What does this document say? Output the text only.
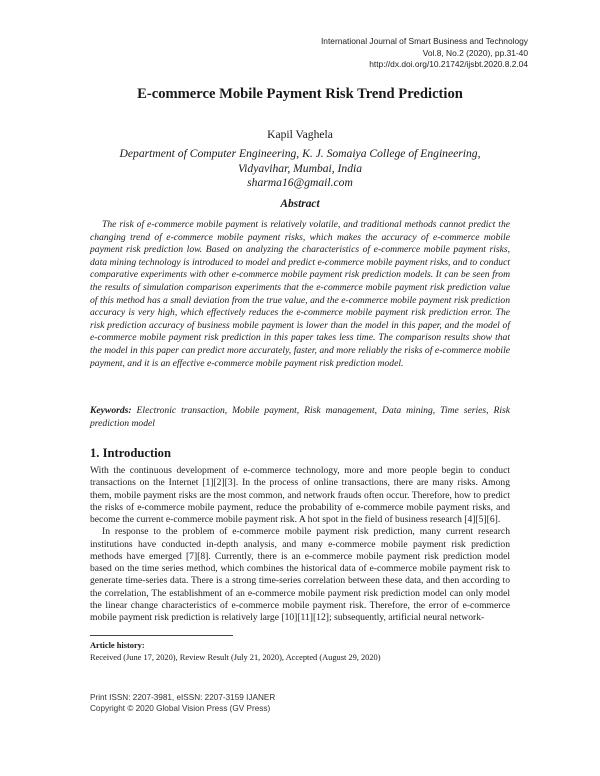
International Journal of Smart Business and Technology
Vol.8, No.2 (2020), pp.31-40
http://dx.doi.org/10.21742/ijsbt.2020.8.2.04
E-commerce Mobile Payment Risk Trend Prediction
Kapil Vaghela
Department of Computer Engineering, K. J. Somaiya College of Engineering,
Vidyavihar, Mumbai, India
sharma16@gmail.com
Abstract

The risk of e-commerce mobile payment is relatively volatile, and traditional methods cannot predict the changing trend of e-commerce mobile payment risks, which makes the accuracy of e-commerce mobile payment risk prediction low. Based on analyzing the characteristics of e-commerce mobile payment risks, data mining technology is introduced to model and predict e-commerce mobile payment risks, and to conduct comparative experiments with other e-commerce mobile payment risk prediction models. It can be seen from the results of simulation comparison experiments that the e-commerce mobile payment risk prediction value of this method has a small deviation from the true value, and the e-commerce mobile payment risk prediction accuracy is very high, which effectively reduces the e-commerce mobile payment risk prediction error. The risk prediction accuracy of business mobile payment is lower than the model in this paper, and the model of e-commerce mobile payment risk prediction in this paper takes less time. The comparison results show that the model in this paper can predict more accurately, faster, and more reliably the risks of e-commerce mobile payment, and it is an effective e-commerce mobile payment risk prediction model.

Keywords: Electronic transaction, Mobile payment, Risk management, Data mining, Time series, Risk prediction model

1. Introduction

With the continuous development of e-commerce technology, more and more people begin to conduct transactions on the Internet [1][2][3]. In the process of online transactions, there are many risks. Among them, mobile payment risks are the most common, and network frauds often occur. Therefore, how to predict the risks of e-commerce mobile payment, reduce the probability of e-commerce mobile payment risks, and become the current e-commerce mobile payment risk. A hot spot in the field of business research [4][5][6].

In response to the problem of e-commerce mobile payment risk prediction, many current research institutions have conducted in-depth analysis, and many e-commerce mobile payment risk prediction methods have emerged [7][8]. Currently, there is an e-commerce mobile payment risk prediction model based on the time series method, which combines the historical data of e-commerce mobile payment risk to generate time-series data. There is a strong time-series correlation between these data, and then according to the correlation, The establishment of an e-commerce mobile payment risk prediction model can only model the linear change characteristics of e-commerce mobile payment risk. Therefore, the error of e-commerce mobile payment risk prediction is relatively large [10][11][12]; subsequently, artificial neural network-

Article history:
Received (June 17, 2020), Review Result (July 21, 2020), Accepted (August 29, 2020)
Print ISSN: 2207-3981, eISSN: 2207-3159 IJANER
Copyright © 2020 Global Vision Press (GV Press)
